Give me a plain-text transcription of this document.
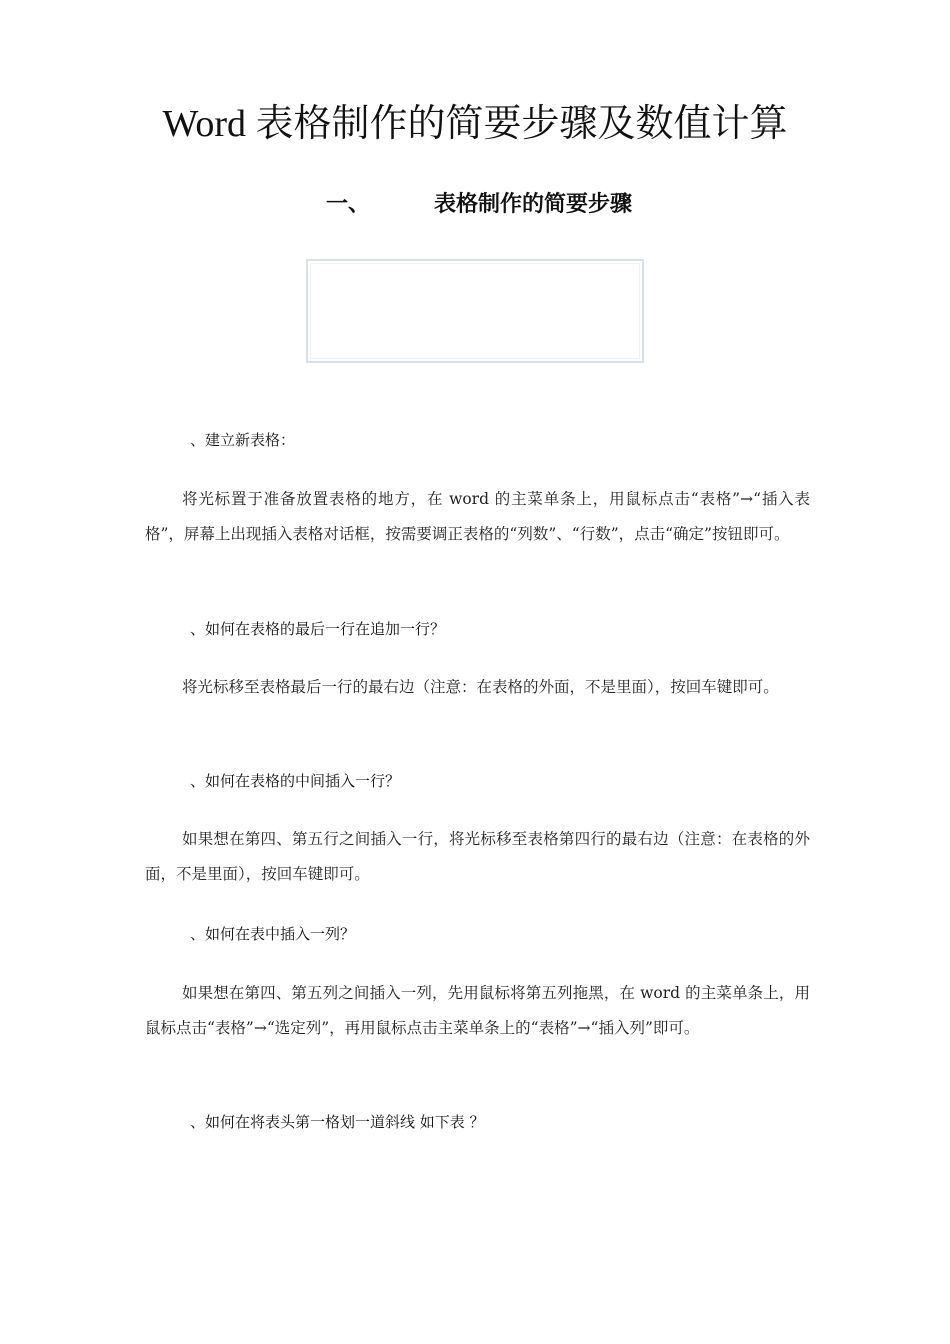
Word 表格制作的简要步骤及数值计算
一、	表格制作的简要步骤
、建立新表格：
将光标置于准备放置表格的地方，在 word 的主菜单条上，用鼠标点击“表格”→“插入表格”，屏幕上出现插入表格对话框，按需要调正表格的“列数”、“行数”，点击“确定”按钮即可。
、如何在表格的最后一行在追加一行？
将光标移至表格最后一行的最右边（注意：在表格的外面，不是里面），按回车键即可。
、如何在表格的中间插入一行？
如果想在第四、第五行之间插入一行，将光标移至表格第四行的最右边（注意：在表格的外面，不是里面），按回车键即可。
、如何在表中插入一列？
如果想在第四、第五列之间插入一列，先用鼠标将第五列拖黑，在 word 的主菜单条上，用鼠标点击“表格”→“选定列”，再用鼠标点击主菜单条上的“表格”→“插入列”即可。
、如何在将表头第一格划一道斜线 如下表 ？
